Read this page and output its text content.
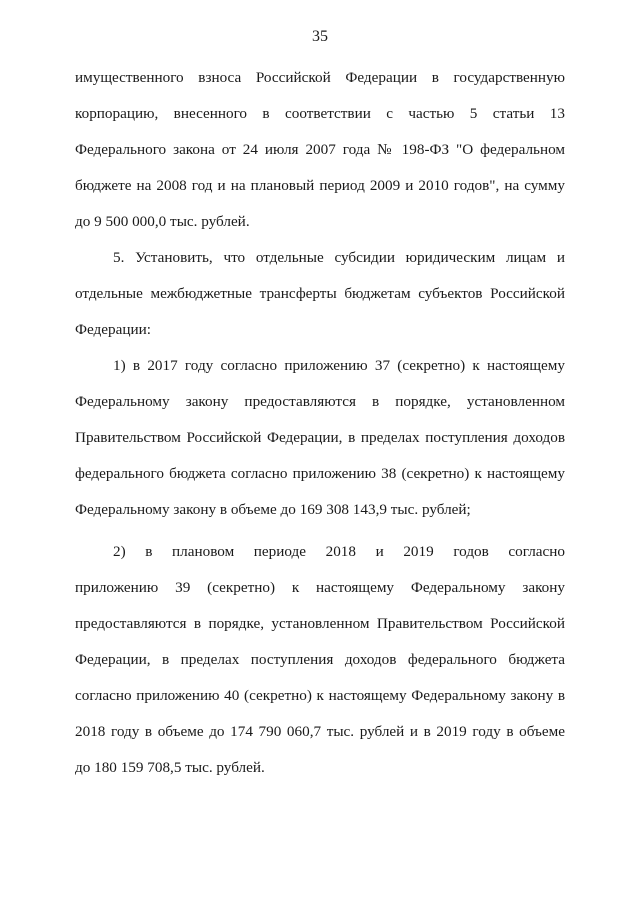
35
имущественного взноса Российской Федерации в государственную
корпорацию, внесенного в соответствии с частью 5 статьи 13
Федерального закона от 24 июля 2007 года № 198-ФЗ "О федеральном
бюджете на 2008 год и на плановый период 2009 и 2010 годов", на сумму
до 9 500 000,0 тыс. рублей.
5. Установить, что отдельные субсидии юридическим лицам и
отдельные межбюджетные трансферты бюджетам субъектов Российской
Федерации:
1) в 2017 году согласно приложению 37 (секретно) к настоящему
Федеральному закону предоставляются в порядке, установленном
Правительством Российской Федерации, в пределах поступления доходов
федерального бюджета согласно приложению 38 (секретно) к настоящему
Федеральному закону в объеме до 169 308 143,9 тыс. рублей;
2) в плановом периоде 2018 и 2019 годов согласно
приложению 39 (секретно) к настоящему Федеральному закону
предоставляются в порядке, установленном Правительством Российской
Федерации, в пределах поступления доходов федерального бюджета
согласно приложению 40 (секретно) к настоящему Федеральному закону в
2018 году в объеме до 174 790 060,7 тыс. рублей и в 2019 году в объеме
до 180 159 708,5 тыс. рублей.
